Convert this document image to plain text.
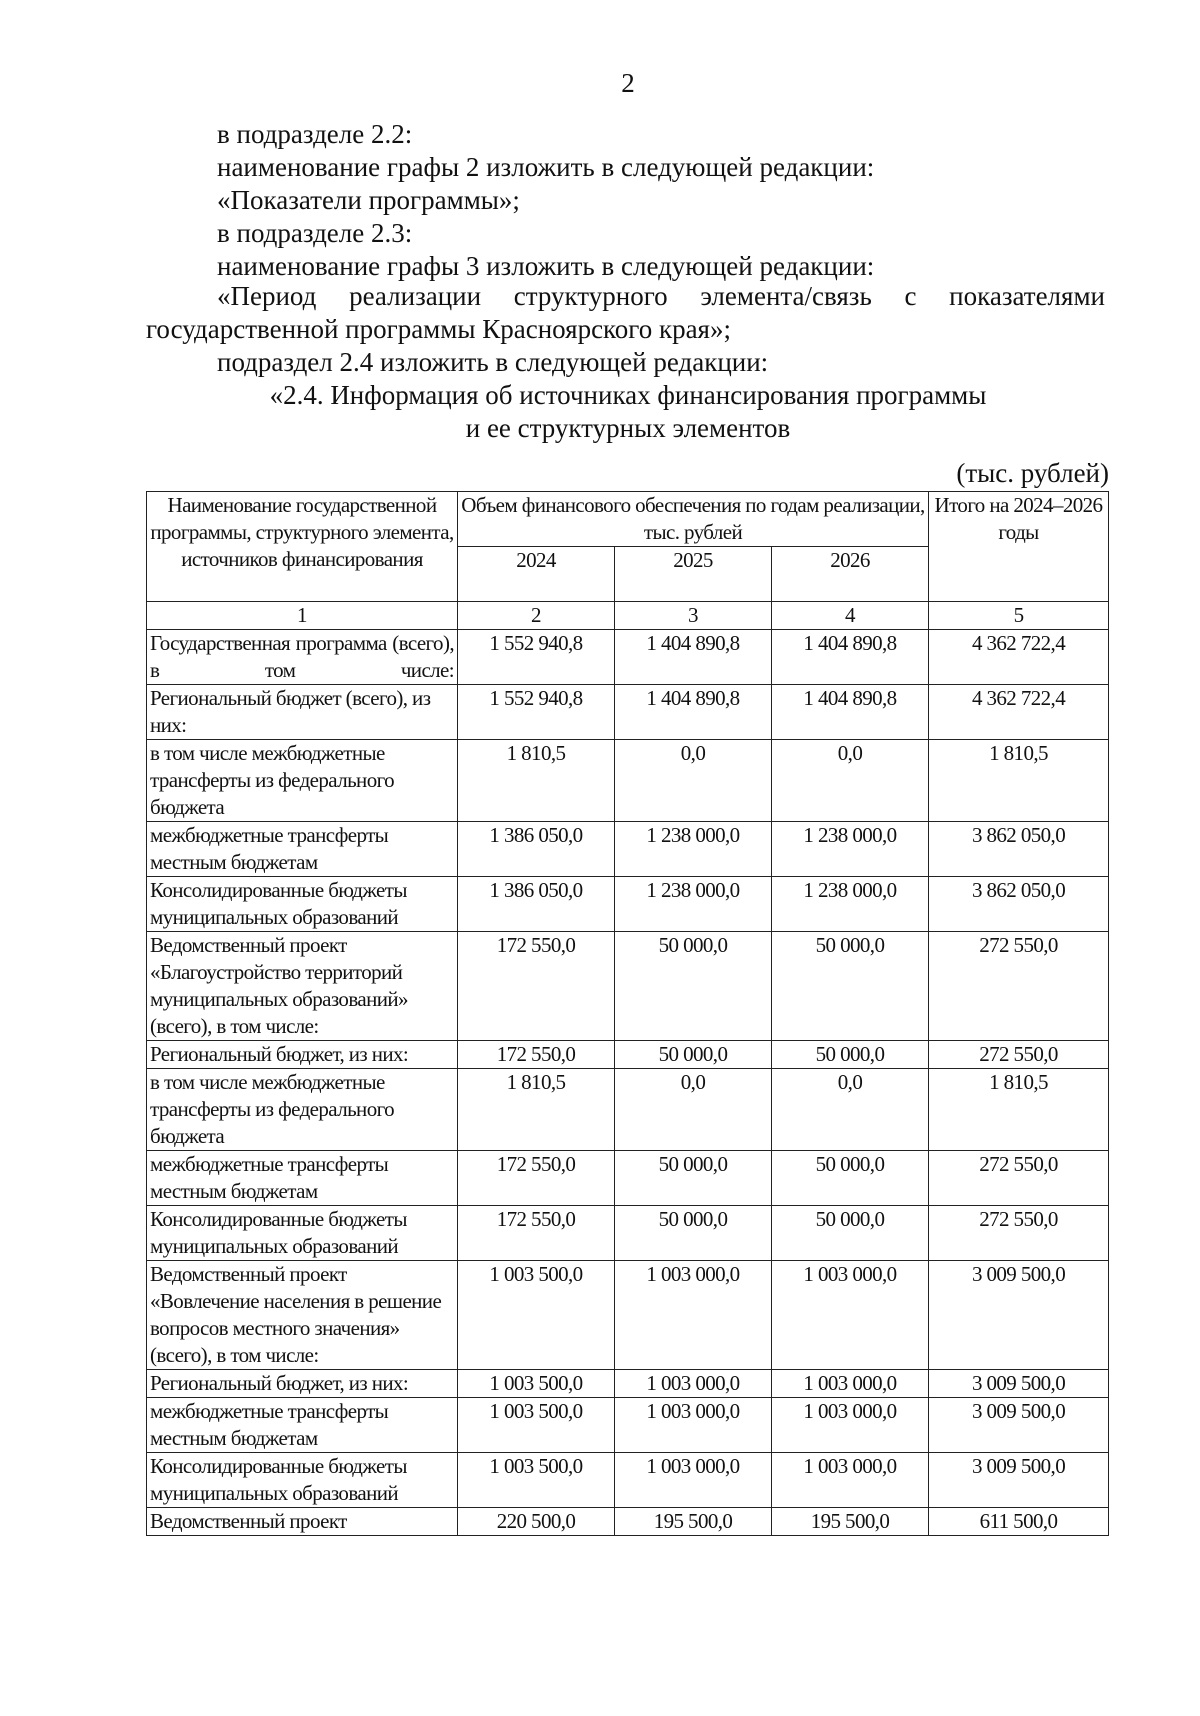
2
в подразделе 2.2:
наименование графы 2 изложить в следующей редакции:
«Показатели программы»;
в подразделе 2.3:
наименование графы 3 изложить в следующей редакции:
«Период реализации структурного элемента/связь с показателями
государственной программы Красноярского края»;
подраздел 2.4 изложить в следующей редакции:
«2.4. Информация об источниках финансирования программы
и ее структурных элементов
(тыс. рублей)
Наименование государственной программы, структурного элемента, источников финансирования	Объем финансового обеспечения по годам реализации, тыс. рублей			Итого на 2024–2026 годы
	2024	2025	2026	
1	2	3	4	5
Государственная программа (всего), в том числе:	1 552 940,8	1 404 890,8	1 404 890,8	4 362 722,4
Региональный бюджет (всего), из них:	1 552 940,8	1 404 890,8	1 404 890,8	4 362 722,4
в том числе межбюджетные трансферты из федерального бюджета	1 810,5	0,0	0,0	1 810,5
межбюджетные трансферты местным бюджетам	1 386 050,0	1 238 000,0	1 238 000,0	3 862 050,0
Консолидированные бюджеты муниципальных образований	1 386 050,0	1 238 000,0	1 238 000,0	3 862 050,0
Ведомственный проект «Благоустройство территорий муниципальных образований» (всего), в том числе:	172 550,0	50 000,0	50 000,0	272 550,0
Региональный бюджет, из них:	172 550,0	50 000,0	50 000,0	272 550,0
в том числе межбюджетные трансферты из федерального бюджета	1 810,5	0,0	0,0	1 810,5
межбюджетные трансферты местным бюджетам	172 550,0	50 000,0	50 000,0	272 550,0
Консолидированные бюджеты муниципальных образований	172 550,0	50 000,0	50 000,0	272 550,0
Ведомственный проект «Вовлечение населения в решение вопросов местного значения» (всего), в том числе:	1 003 500,0	1 003 000,0	1 003 000,0	3 009 500,0
Региональный бюджет, из них:	1 003 500,0	1 003 000,0	1 003 000,0	3 009 500,0
межбюджетные трансферты местным бюджетам	1 003 500,0	1 003 000,0	1 003 000,0	3 009 500,0
Консолидированные бюджеты муниципальных образований	1 003 500,0	1 003 000,0	1 003 000,0	3 009 500,0
Ведомственный проект	220 500,0	195 500,0	195 500,0	611 500,0
